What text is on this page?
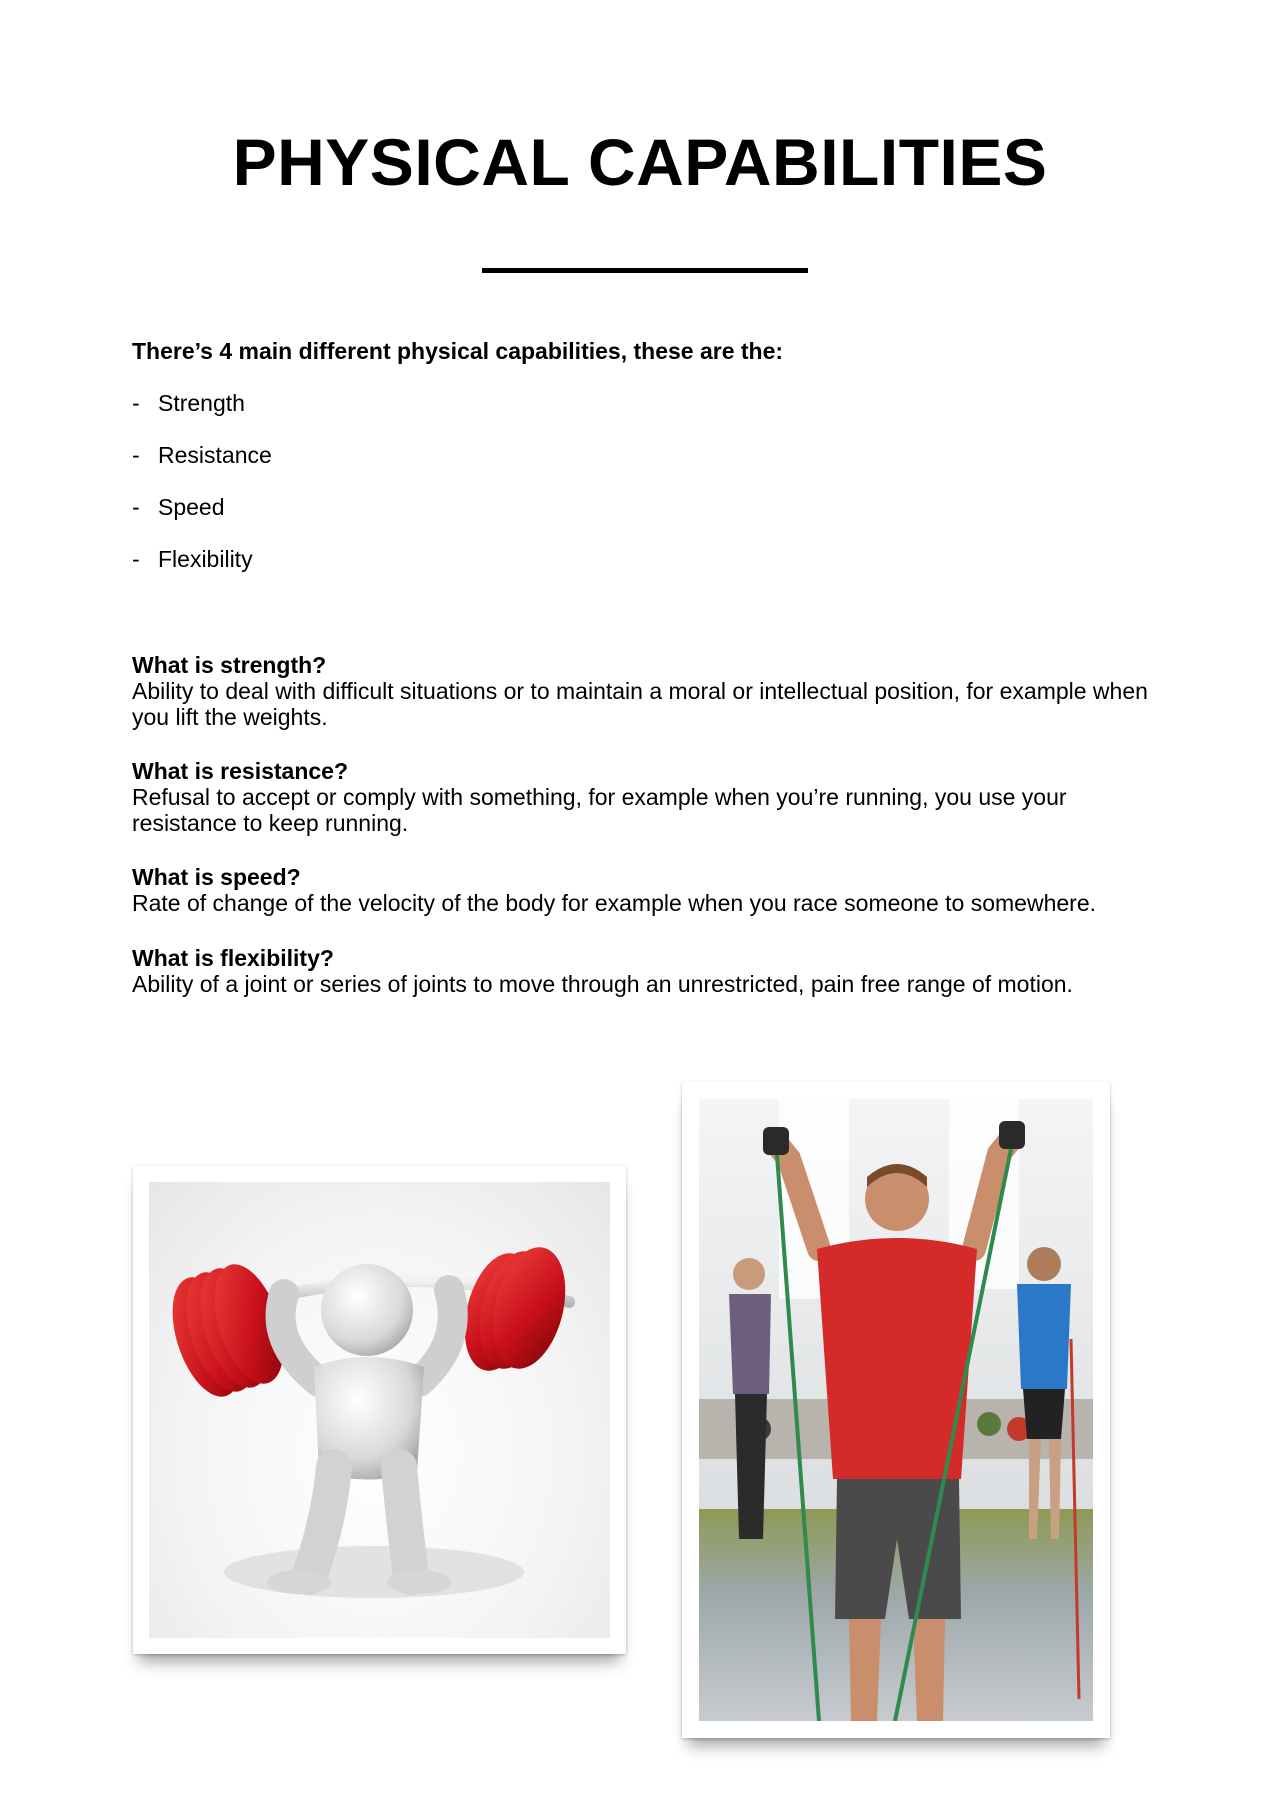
PHYSICAL CAPABILITIES
There’s 4 main different physical capabilities, these are the:
- Strength
- Resistance
- Speed
- Flexibility
What is strength?
Ability to deal with difficult situations or to maintain a moral or intellectual position, for example when you lift the weights.
What is resistance?
Refusal to accept or comply with something, for example when you’re running, you use your resistance to keep running.
What is speed?
Rate of change of the velocity of the body for example when you race someone to somewhere.
What is flexibility?
Ability of a joint or series of joints to move through an unrestricted, pain free range of motion.
